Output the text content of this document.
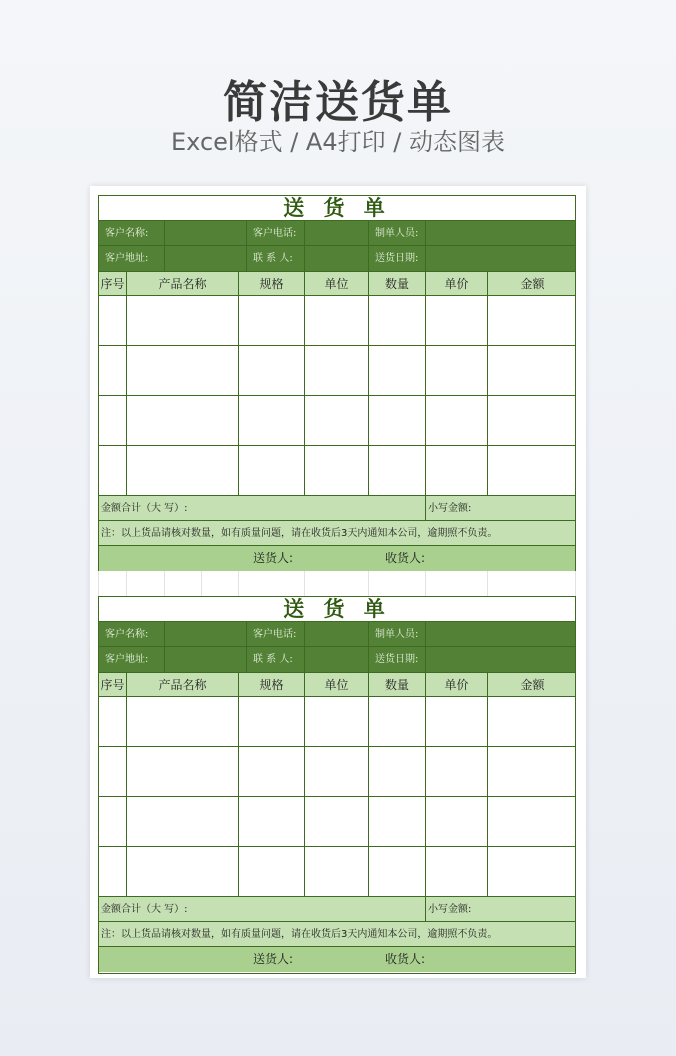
简洁送货单
Excel格式 / A4打印 / 动态图表
送 货 单
客户名称:	客户电话:	制单人员:
客户地址:	联 系 人:	送货日期:
序号	产品名称	规格	单位	数量	单价	金额
金额合计（大 写）:	小写金额:
注：以上货品请核对数量，如有质量问题，请在收货后3天内通知本公司，逾期照不负责。
送货人:	收货人:
送 货 单
客户名称:	客户电话:	制单人员:
客户地址:	联 系 人:	送货日期:
序号	产品名称	规格	单位	数量	单价	金额
金额合计（大 写）:	小写金额:
注：以上货品请核对数量，如有质量问题，请在收货后3天内通知本公司，逾期照不负责。
送货人:	收货人:
